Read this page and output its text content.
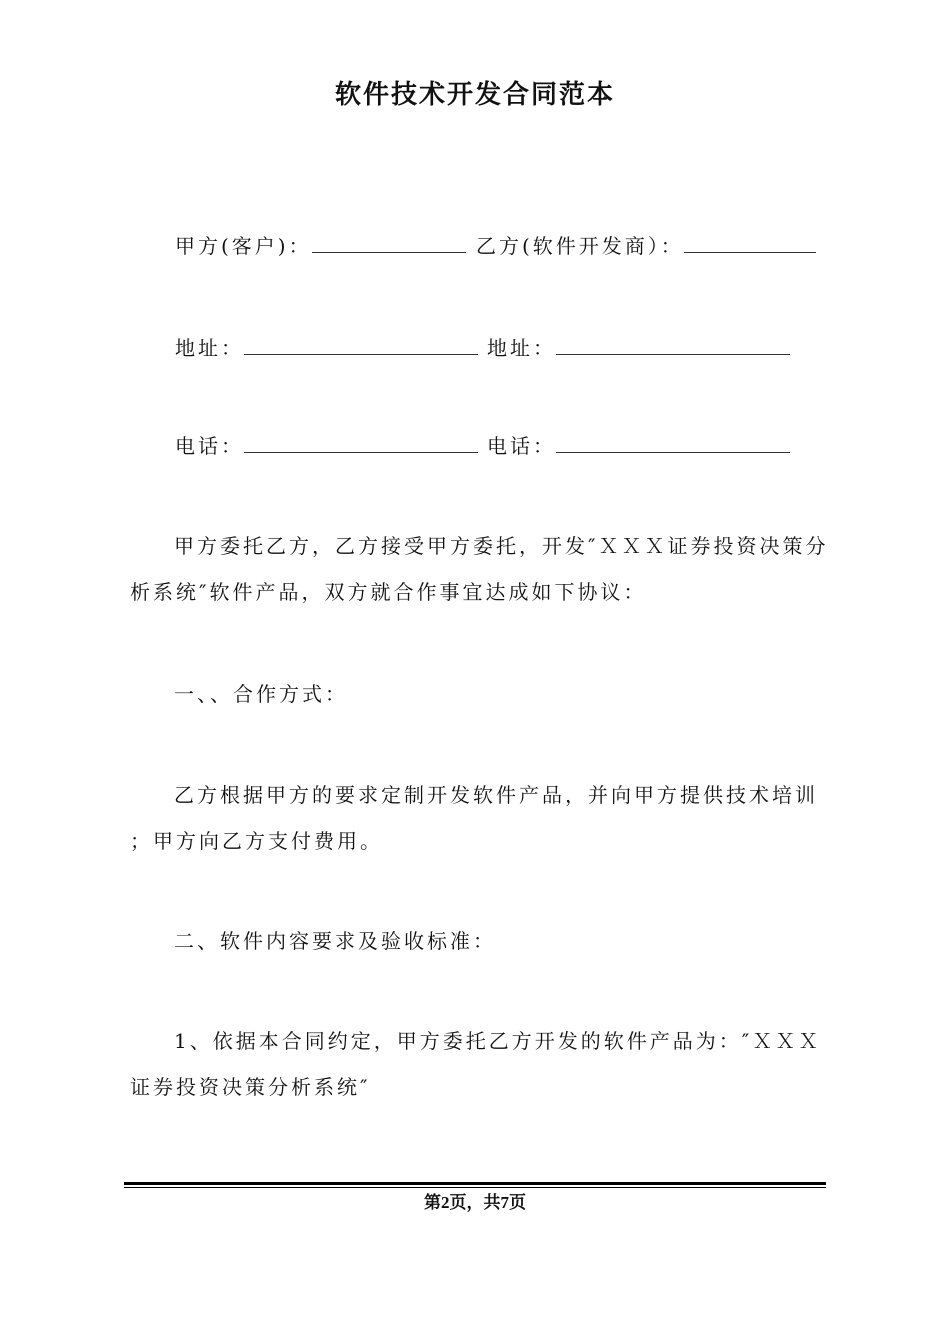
软件技术开发合同范本
甲方(客户)：	乙方(软件开发商）：
地址：	地址：
电话：	电话：
甲方委托乙方，乙方接受甲方委托，开发″ＸＸＸ证券投资决策分析系统″软件产品，双方就合作事宜达成如下协议：
一、、合作方式：
乙方根据甲方的要求定制开发软件产品，并向甲方提供技术培训 ；甲方向乙方支付费用。
二、软件内容要求及验收标准：
1、依据本合同约定，甲方委托乙方开发的软件产品为：″ＸＸＸ证券投资决策分析系统″
第2页，共7页
